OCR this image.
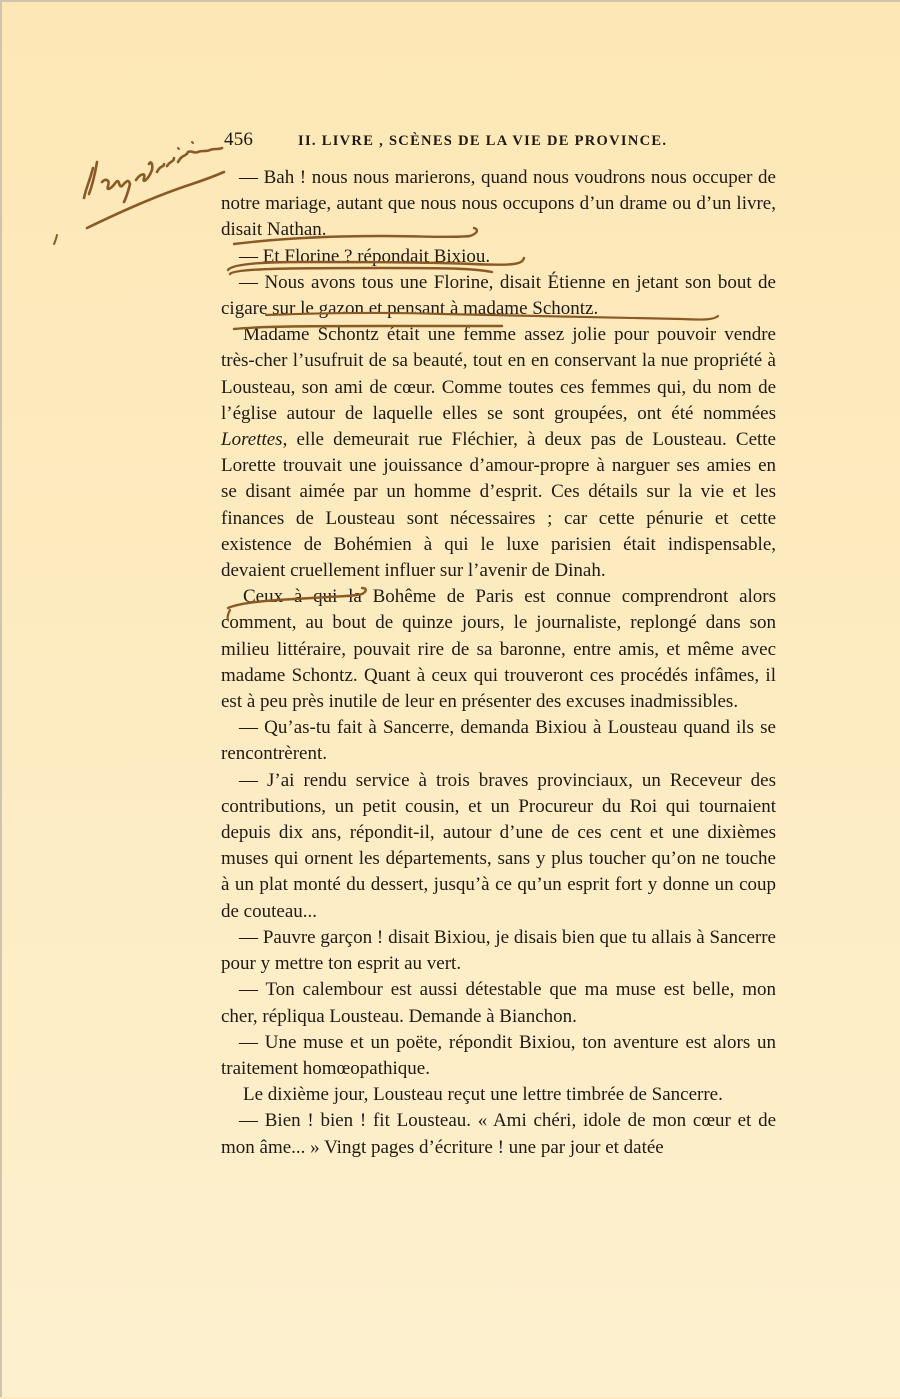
456	II. LIVRE , SCÈNES DE LA VIE DE PROVINCE.

— Bah ! nous nous marierons, quand nous voudrons nous occuper de notre mariage, autant que nous nous occupons d’un drame ou d’un livre, disait Nathan.

— Et Florine ? répondait Bixiou.

— Nous avons tous une Florine, disait Étienne en jetant son bout de cigare sur le gazon et pensant à madame Schontz.

Madame Schontz était une femme assez jolie pour pouvoir vendre très-cher l’usufruit de sa beauté, tout en en conservant la nue propriété à Lousteau, son ami de cœur. Comme toutes ces femmes qui, du nom de l’église autour de laquelle elles se sont groupées, ont été nommées Lorettes, elle demeurait rue Fléchier, à deux pas de Lousteau. Cette Lorette trouvait une jouissance d’amour-propre à narguer ses amies en se disant aimée par un homme d’esprit. Ces détails sur la vie et les finances de Lousteau sont nécessaires ; car cette pénurie et cette existence de Bohémien à qui le luxe parisien était indispensable, devaient cruellement influer sur l’avenir de Dinah.

Ceux à qui la Bohême de Paris est connue comprendront alors comment, au bout de quinze jours, le journaliste, replongé dans son milieu littéraire, pouvait rire de sa baronne, entre amis, et même avec madame Schontz. Quant à ceux qui trouveront ces procédés infâmes, il est à peu près inutile de leur en présenter des excuses inadmissibles.

— Qu’as-tu fait à Sancerre, demanda Bixiou à Lousteau quand ils se rencontrèrent.

— J’ai rendu service à trois braves provinciaux, un Receveur des contributions, un petit cousin, et un Procureur du Roi qui tournaient depuis dix ans, répondit-il, autour d’une de ces cent et une dixièmes muses qui ornent les départements, sans y plus toucher qu’on ne touche à un plat monté du dessert, jusqu’à ce qu’un esprit fort y donne un coup de couteau...

— Pauvre garçon ! disait Bixiou, je disais bien que tu allais à Sancerre pour y mettre ton esprit au vert.

— Ton calembour est aussi détestable que ma muse est belle, mon cher, répliqua Lousteau. Demande à Bianchon.

— Une muse et un poëte, répondit Bixiou, ton aventure est alors un traitement homœopathique.

Le dixième jour, Lousteau reçut une lettre timbrée de Sancerre.

— Bien ! bien ! fit Lousteau. « Ami chéri, idole de mon cœur et de mon âme... » Vingt pages d’écriture ! une par jour et datée
